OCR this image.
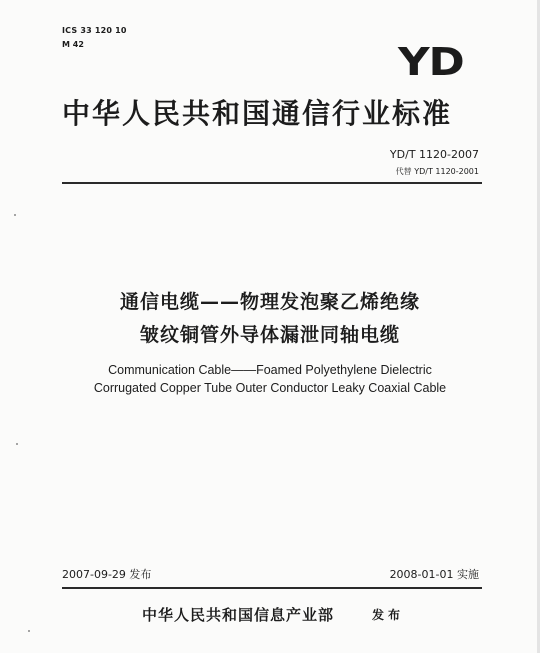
ICS 33 120 10
M 42	YD
中华人民共和国通信行业标准
YD/T 1120-2007
代替 YD/T 1120-2001
通信电缆——物理发泡聚乙烯绝缘
皱纹铜管外导体漏泄同轴电缆
Communication Cable——Foamed Polyethylene Dielectric
Corrugated Copper Tube Outer Conductor Leaky Coaxial Cable
2007-09-29 发布	2008-01-01 实施
中华人民共和国信息产业部	发布
